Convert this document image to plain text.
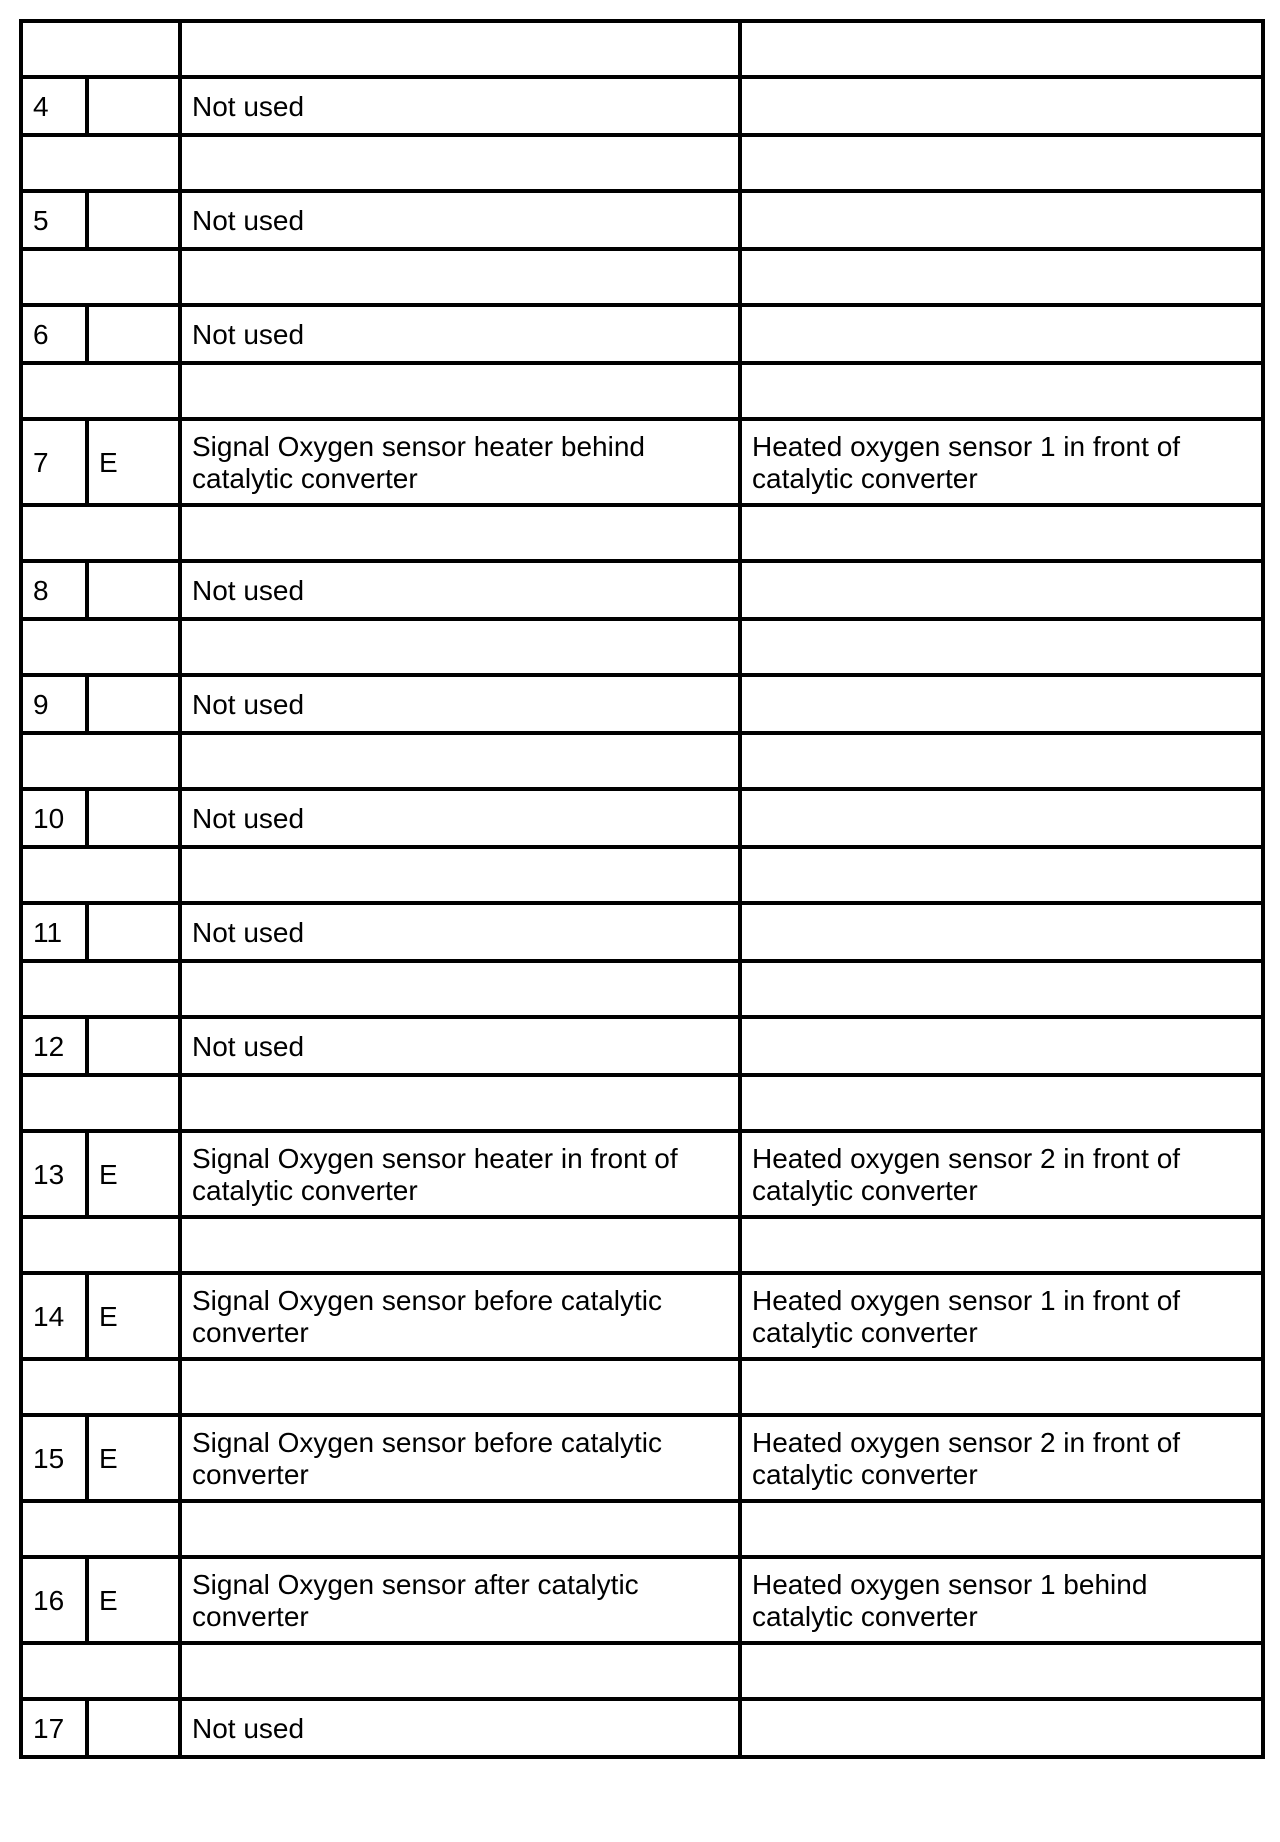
4		Not used	

5		Not used	

6		Not used	

7	E	Signal Oxygen sensor heater behind catalytic converter	Heated oxygen sensor 1 in front of catalytic converter

8		Not used	

9		Not used	

10		Not used	

11		Not used	

12		Not used	

13	E	Signal Oxygen sensor heater in front of catalytic converter	Heated oxygen sensor 2 in front of catalytic converter

14	E	Signal Oxygen sensor before catalytic converter	Heated oxygen sensor 1 in front of catalytic converter

15	E	Signal Oxygen sensor before catalytic converter	Heated oxygen sensor 2 in front of catalytic converter

16	E	Signal Oxygen sensor after catalytic converter	Heated oxygen sensor 1 behind catalytic converter

17		Not used	
